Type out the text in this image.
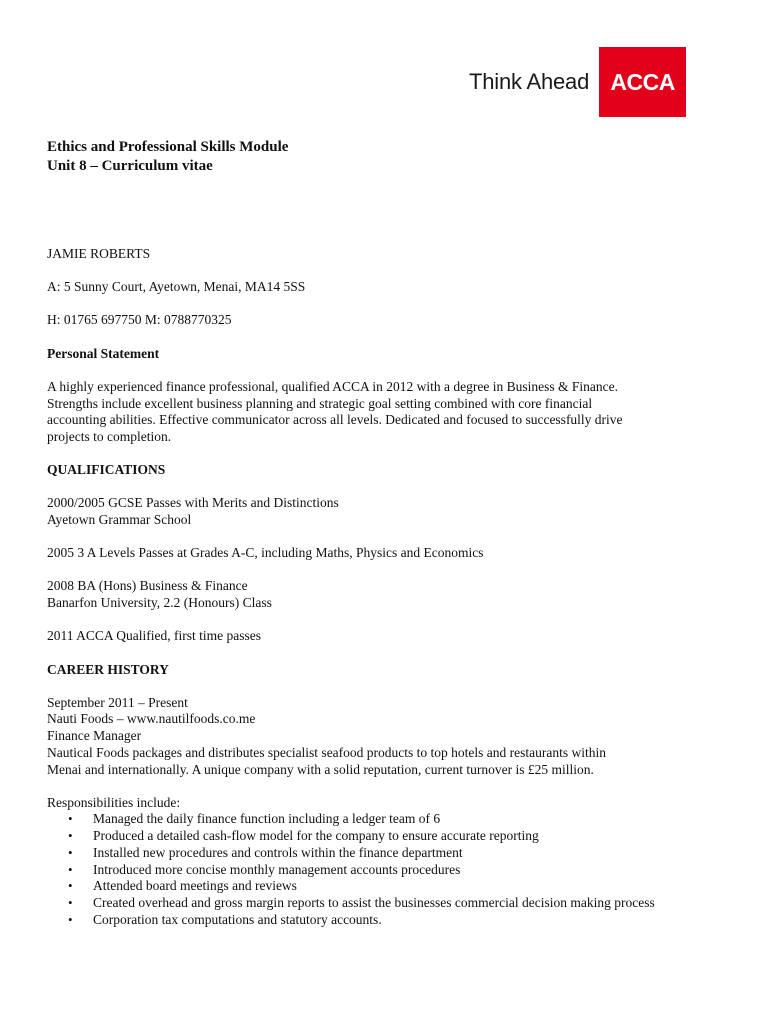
Think Ahead ACCA
Ethics and Professional Skills Module
Unit 8 – Curriculum vitae

JAMIE ROBERTS

A: 5 Sunny Court, Ayetown, Menai, MA14 5SS

H: 01765 697750 M: 0788770325

Personal Statement

A highly experienced finance professional, qualified ACCA in 2012 with a degree in Business & Finance.

Strengths include excellent business planning and strategic goal setting combined with core financial

accounting abilities. Effective communicator across all levels. Dedicated and focused to successfully drive

projects to completion.

QUALIFICATIONS

2000/2005 GCSE Passes with Merits and Distinctions

Ayetown Grammar School

2005 3 A Levels Passes at Grades A-C, including Maths, Physics and Economics

2008 BA (Hons) Business & Finance

Banarfon University, 2.2 (Honours) Class

2011 ACCA Qualified, first time passes

CAREER HISTORY

September 2011 – Present

Nauti Foods – www.nautilfoods.co.me

Finance Manager

Nautical Foods packages and distributes specialist seafood products to top hotels and restaurants within

Menai and internationally. A unique company with a solid reputation, current turnover is £25 million.

Responsibilities include:

• Managed the daily finance function including a ledger team of 6
• Produced a detailed cash-flow model for the company to ensure accurate reporting
• Installed new procedures and controls within the finance department
• Introduced more concise monthly management accounts procedures
• Attended board meetings and reviews
• Created overhead and gross margin reports to assist the businesses commercial decision making process
• Corporation tax computations and statutory accounts.
